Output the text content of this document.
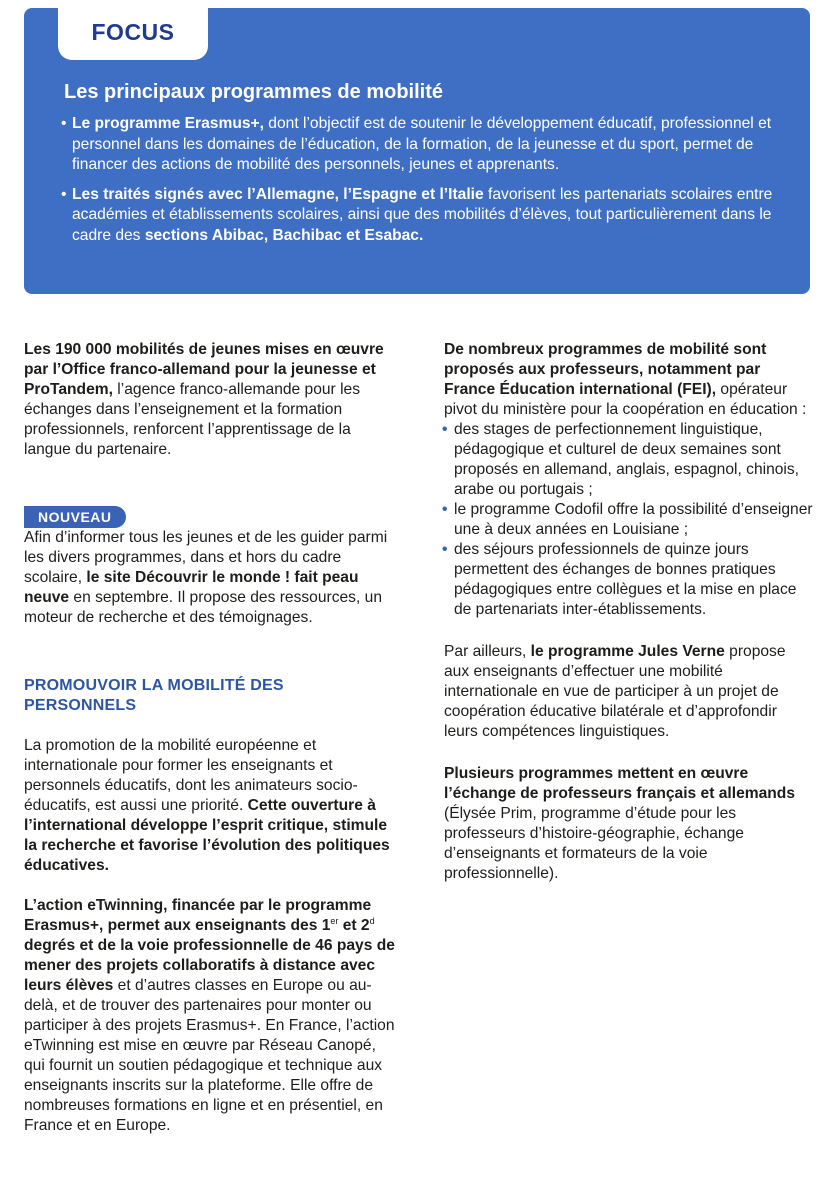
FOCUS
Les principaux programmes de mobilité
• Le programme Erasmus+, dont l’objectif est de soutenir le développement éducatif, professionnel et personnel dans les domaines de l’éducation, de la formation, de la jeunesse et du sport, permet de financer des actions de mobilité des personnels, jeunes et apprenants.
• Les traités signés avec l’Allemagne, l’Espagne et l’Italie favorisent les partenariats scolaires entre académies et établissements scolaires, ainsi que des mobilités d’élèves, tout particulièrement dans le cadre des sections Abibac, Bachibac et Esabac.

Les 190 000 mobilités de jeunes mises en œuvre par l’Office franco-allemand pour la jeunesse et ProTandem, l’agence franco-allemande pour les échanges dans l’enseignement et la formation professionnels, renforcent l’apprentissage de la langue du partenaire.

NOUVEAU

Afin d’informer tous les jeunes et de les guider parmi les divers programmes, dans et hors du cadre scolaire, le site Découvrir le monde ! fait peau neuve en septembre. Il propose des ressources, un moteur de recherche et des témoignages.

PROMOUVOIR LA MOBILITÉ DES PERSONNELS

La promotion de la mobilité européenne et internationale pour former les enseignants et personnels éducatifs, dont les animateurs socio-éducatifs, est aussi une priorité. Cette ouverture à l’international développe l’esprit critique, stimule la recherche et favorise l’évolution des politiques éducatives.

L’action eTwinning, financée par le programme Erasmus+, permet aux enseignants des 1er et 2$^d$ degrés et de la voie professionnelle de 46 pays de mener des projets collaboratifs à distance avec leurs élèves et d’autres classes en Europe ou au-delà, et de trouver des partenaires pour monter ou participer à des projets Erasmus+. En France, l’action eTwinning est mise en œuvre par Réseau Canopé, qui fournit un soutien pédagogique et technique aux enseignants inscrits sur la plateforme. Elle offre de nombreuses formations en ligne et en présentiel, en France et en Europe.

De nombreux programmes de mobilité sont proposés aux professeurs, notamment par France Éducation international (FEI), opérateur pivot du ministère pour la coopération en éducation :

• des stages de perfectionnement linguistique, pédagogique et culturel de deux semaines sont proposés en allemand, anglais, espagnol, chinois, arabe ou portugais ;
• le programme Codofil offre la possibilité d’enseigner une à deux années en Louisiane ;
• des séjours professionnels de quinze jours permettent des échanges de bonnes pratiques pédagogiques entre collègues et la mise en place de partenariats inter-établissements.

Par ailleurs, le programme Jules Verne propose aux enseignants d’effectuer une mobilité internationale en vue de participer à un projet de coopération éducative bilatérale et d’approfondir leurs compétences linguistiques.

Plusieurs programmes mettent en œuvre l’échange de professeurs français et allemands (Élysée Prim, programme d’étude pour les professeurs d’histoire-géographie, échange d’enseignants et formateurs de la voie professionnelle).
